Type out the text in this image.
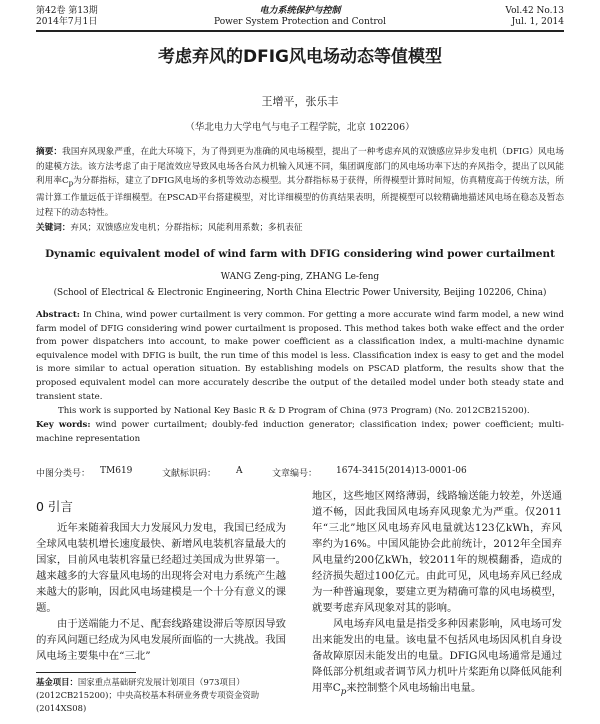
第42卷 第13期	电力系统保护与控制	Vol.42 No.13
2014年7月1日	Power System Protection and Control	Jul. 1, 2014
考虑弃风的DFIG风电场动态等值模型
王增平，张乐丰
（华北电力大学电气与电子工程学院，北京 102206）
摘要：我国弃风现象严重，在此大环境下，为了得到更为准确的风电场模型，提出了一种考虑弃风的双馈感应异步发电机（DFIG）风电场的建模方法。该方法考虑了由于尾流效应导致风电场各台风力机输入风速不同，集团调度部门的风电场功率下达的弃风指令，提出了以风能利用率$C_p$为分群指标，建立了DFIG风电场的多机等效动态模型。其分群指标易于获得，所得模型计算时间短，仿真精度高于传统方法，所需计算工作量远低于详细模型。在PSCAD平台搭建模型，对比详细模型的仿真结果表明，所提模型可以较精确地描述风电场在稳态及暂态过程下的动态特性。
关键词：弃风；双馈感应发电机；分群指标；风能利用系数；多机表征
Dynamic equivalent model of wind farm with DFIG considering wind power curtailment
WANG Zeng-ping, ZHANG Le-feng
(School of Electrical & Electronic Engineering, North China Electric Power University, Beijing 102206, China)
Abstract: In China, wind power curtailment is very common. For getting a more accurate wind farm model, a new wind farm model of DFIG considering wind power curtailment is proposed. This method takes both wake effect and the order from power dispatchers into account, to make power coefficient as a classification index, a multi-machine dynamic equivalence model with DFIG is built, the run time of this model is less. Classification index is easy to get and the model is more similar to actual operation situation. By establishing models on PSCAD platform, the results show that the proposed equivalent model can more accurately describe the output of the detailed model under both steady state and transient state.
This work is supported by National Key Basic R & D Program of China (973 Program) (No. 2012CB215200).
Key words: wind power curtailment; doubly-fed induction generator; classification index; power coefficient; multi-machine representation
中图分类号： TM619	文献标识码： A	文章编号： 1674-3415(2014)13-0001-06
0 引言

近年来随着我国大力发展风力发电，我国已经成为全球风电装机增长速度最快、新增风电装机容量最大的国家，目前风电装机容量已经超过美国成为世界第一。越来越多的大容量风电场的出现将会对电力系统产生越来越大的影响，因此风电场建模是一个十分有意义的课题。

由于送端能力不足、配套线路建设滞后等原因导致的弃风问题已经成为风电发展所面临的一大挑战。我国风电场主要集中在“三北”

地区，这些地区网络薄弱，线路输送能力较差，外送通道不畅，因此我国风电场弃风现象尤为严重。仅2011年“三北”地区风电场弃风电量就达123亿kWh，弃风率约为16%。中国风能协会此前统计，2012年全国弃风电量约200亿kWh，较2011年的规模翻番，造成的经济损失超过100亿元。由此可见，风电场弃风已经成为一种普遍现象，要建立更为精确可靠的风电场模型，就要考虑弃风现象对其的影响。

风电场弃风电量是指受多种因素影响，风电场可发出来能发出的电量。该电量不包括风电场因风机自身设备故障原因未能发出的电量。DFIG风电场通常是通过降低部分机组或者调节风力机叶片桨距角以降低风能利用率$C_p$来控制整个风电场输出电量。

基金项目：国家重点基础研究发展计划项目（973项目）(2012CB215200)；中央高校基本科研业务费专项资金资助(2014XS08)
